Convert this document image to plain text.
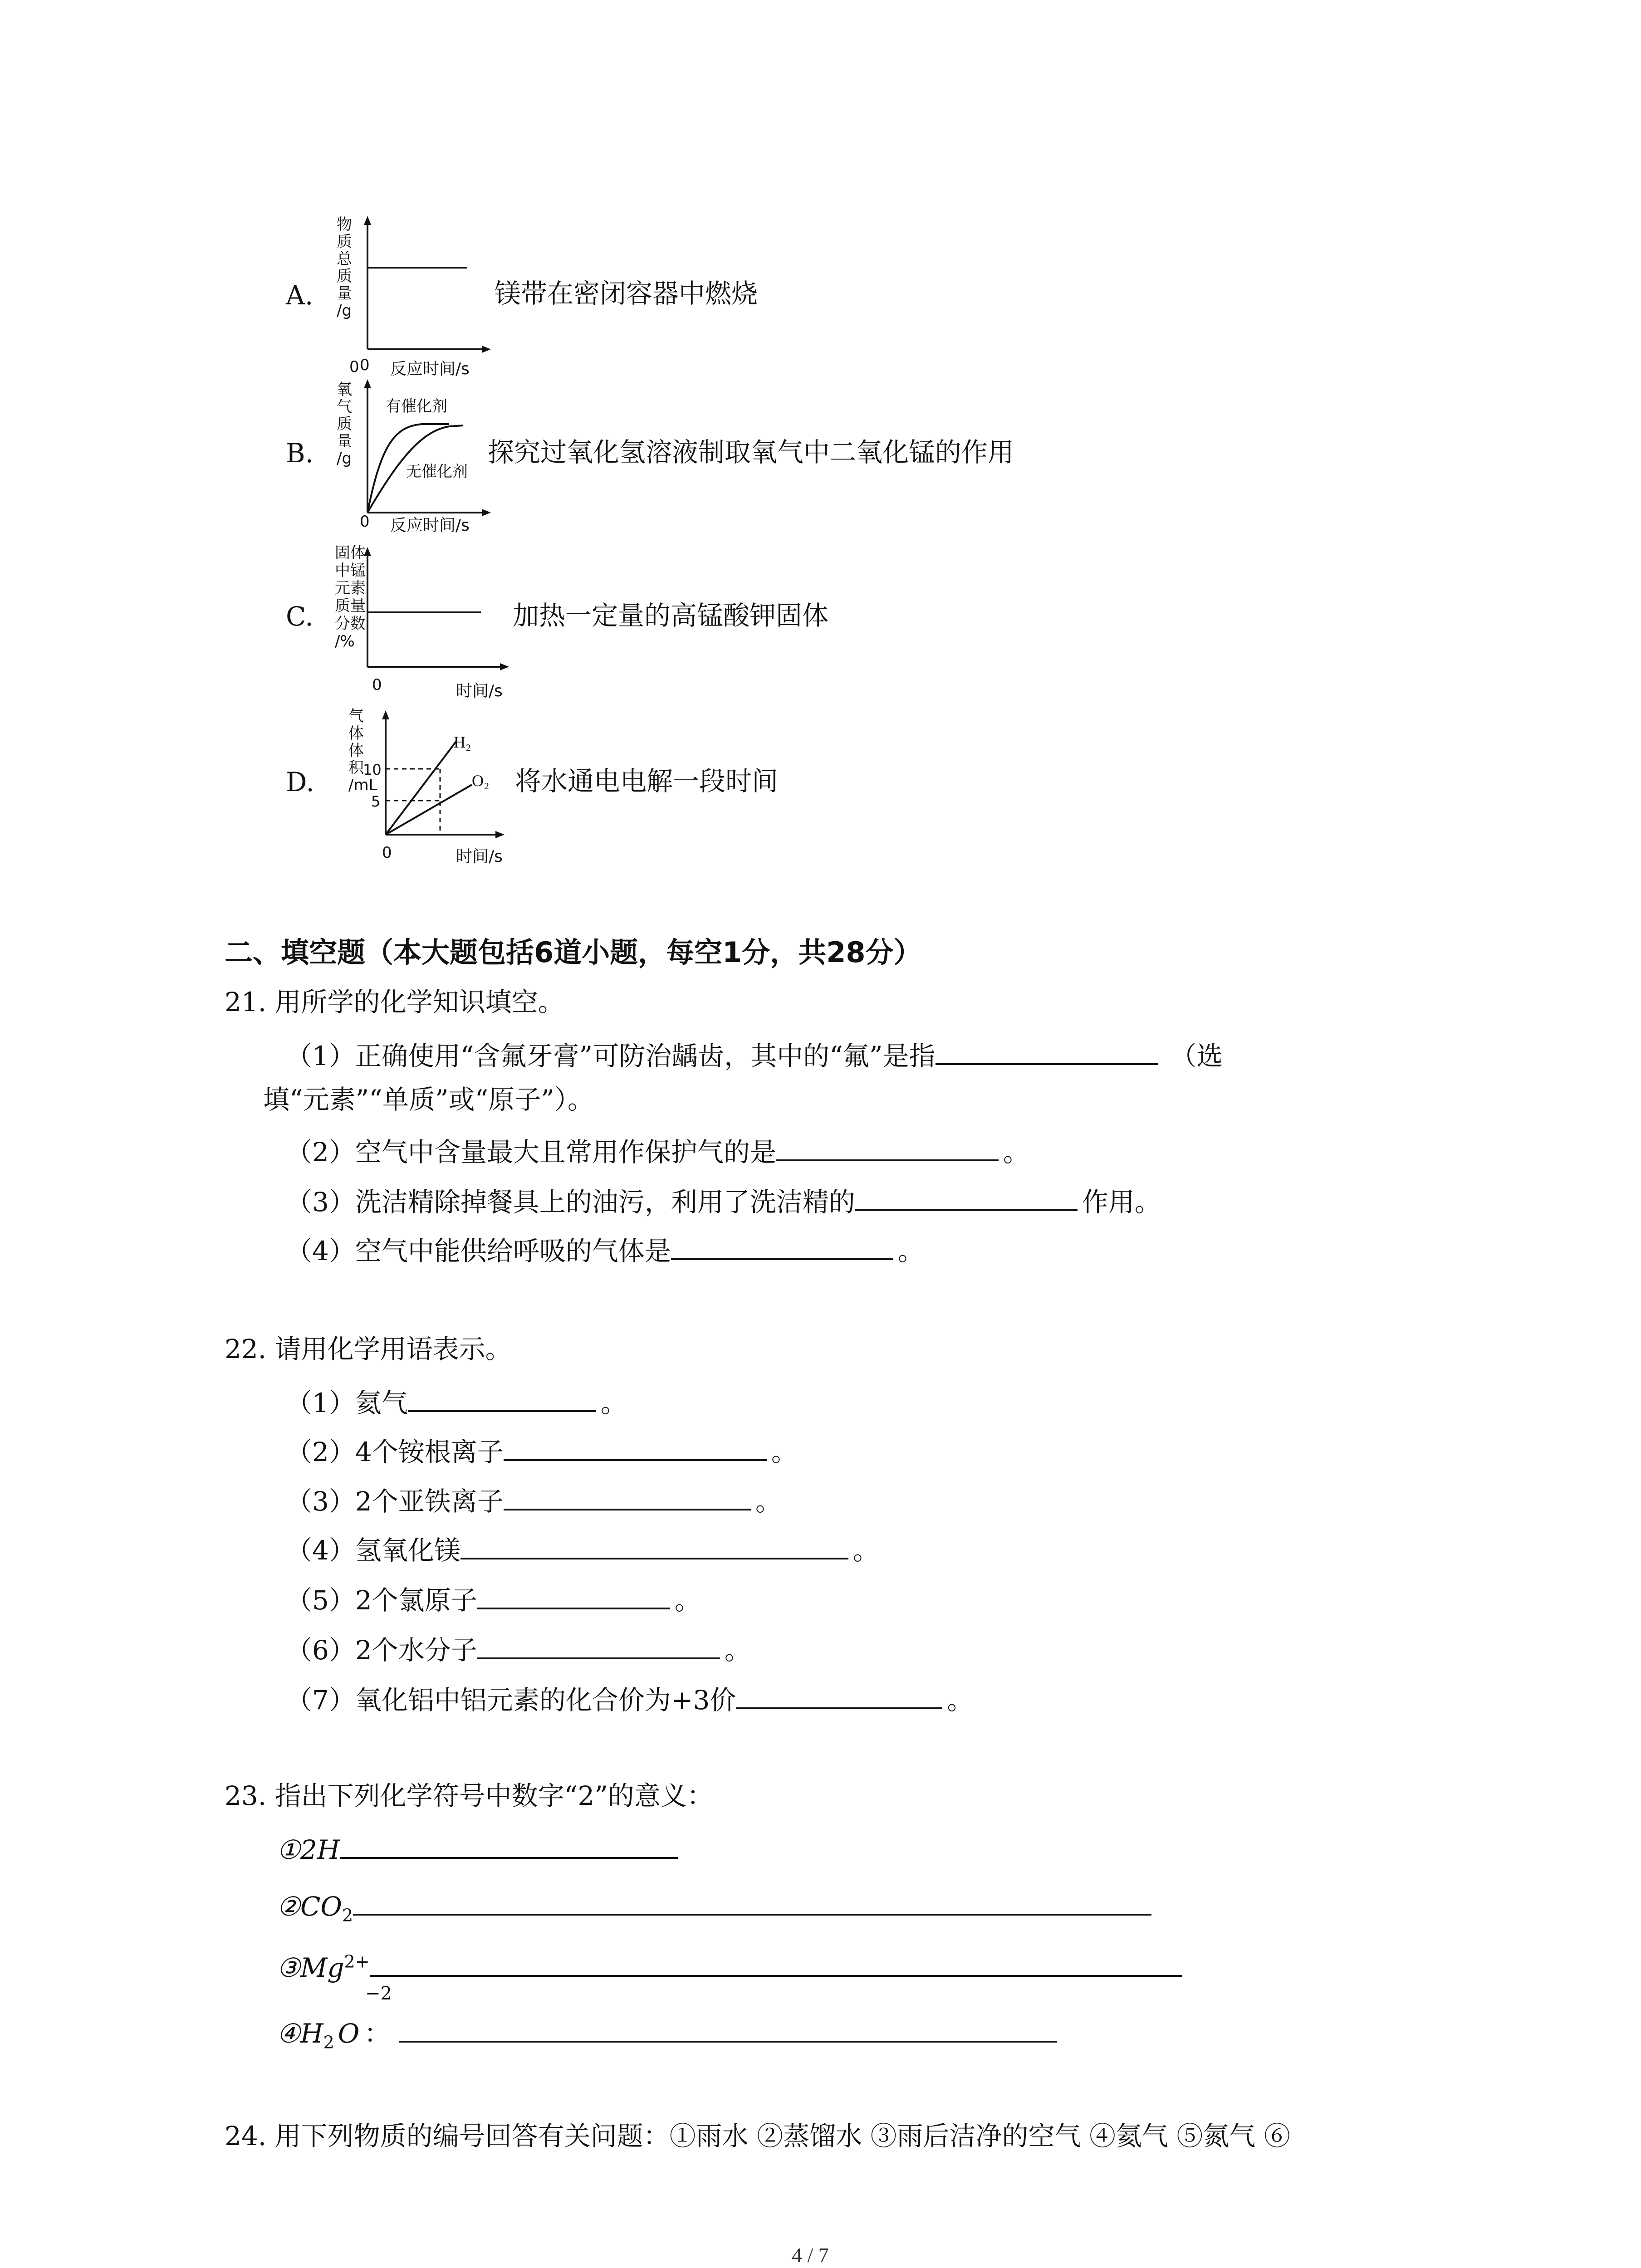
A.
0
物
质
总
质
量
/g
反应时间/s
0
镁带在密闭容器中燃烧
B.
氧
气
质
量
/g
有催化剂
无催化剂
0 反应时间/s
探究过氧化氢溶液制取氧气中二氧化锰的作用
C.
固体
中锰
元素
质量
分数
/%
0	时间/s
加热一定量的高锰酸钾固体
D.
气
体
体
积
/mL
10
5
H₂
O₂
0	时间/s
将水通电电解一段时间
二、填空题（本大题包括6道小题，每空1分，共28分）
21. 用所学的化学知识填空。
（1）正确使用“含氟牙膏”可防治龋齿，其中的“氟”是指	（选
填“元素”“单质”或“原子”）。
（2）空气中含量最大且常用作保护气的是	。
（3）洗洁精除掉餐具上的油污，利用了洗洁精的	作用。
（4）空气中能供给呼吸的气体是	。
22. 请用化学用语表示。
（1）氦气	。
（2）4个铵根离子	。
（3）2个亚铁离子	。
（4）氢氧化镁	。
（5）2个氯原子	。
（6）2个水分子	。
（7）氧化铝中铝元素的化合价为+3价	。
23. 指出下列化学符号中数字“2”的意义：
①2H
$②CO_2$
$③Mg^{2+}$
−2
$④H_2$ O ：
24. 用下列物质的编号回答有关问题：①雨水 ②蒸馏水 ③雨后洁净的空气 ④氦气 ⑤氮气 ⑥
4 / 7
